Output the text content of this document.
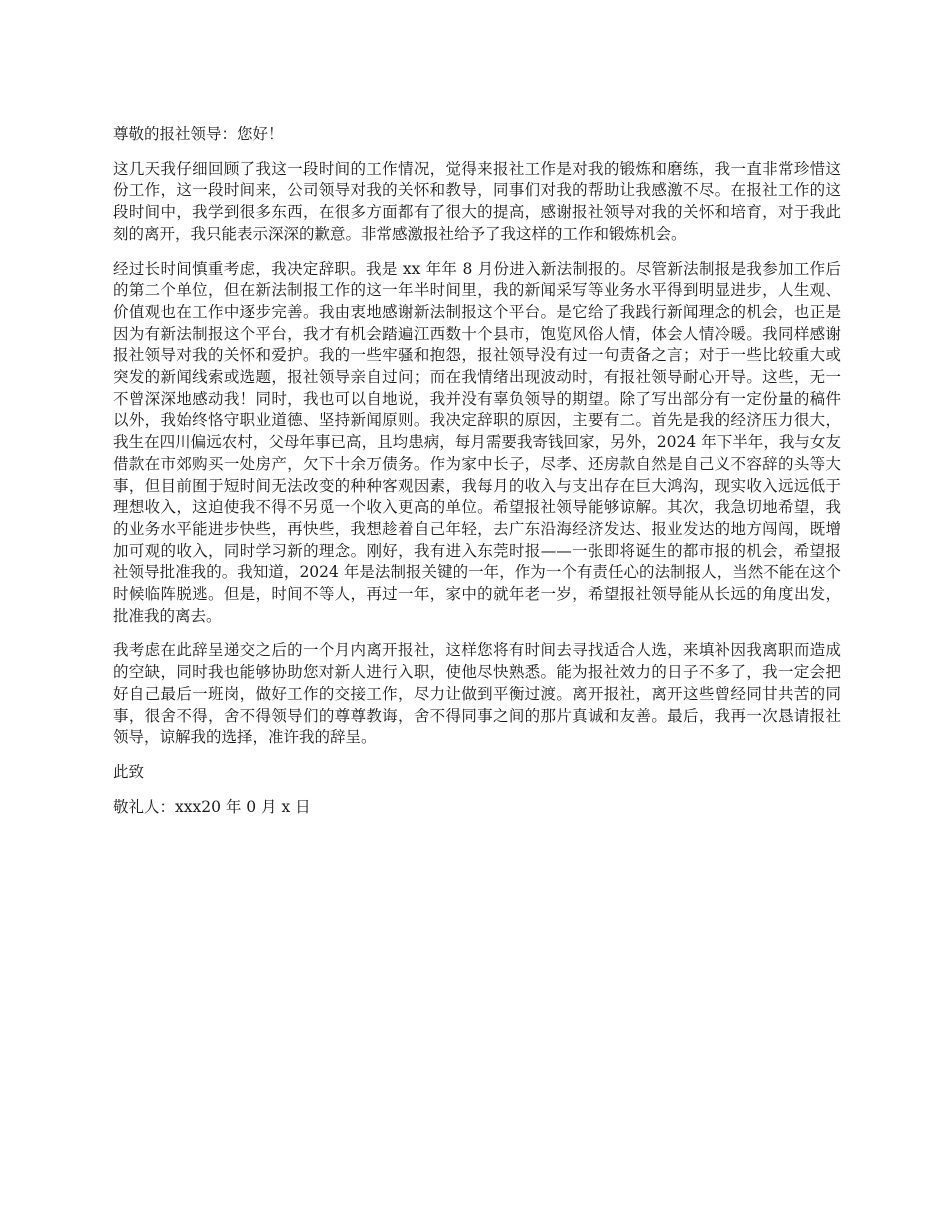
尊敬的报社领导：您好！

这几天我仔细回顾了我这一段时间的工作情况，觉得来报社工作是对我的锻炼和磨练，我一直非常珍惜这份工作，这一段时间来，公司领导对我的关怀和教导，同事们对我的帮助让我感激不尽。在报社工作的这段时间中，我学到很多东西，在很多方面都有了很大的提高，感谢报社领导对我的关怀和培育，对于我此刻的离开，我只能表示深深的歉意。非常感激报社给予了我这样的工作和锻炼机会。

经过长时间慎重考虑，我决定辞职。我是 xx 年年 8 月份进入新法制报的。尽管新法制报是我参加工作后的第二个单位，但在新法制报工作的这一年半时间里，我的新闻采写等业务水平得到明显进步，人生观、价值观也在工作中逐步完善。我由衷地感谢新法制报这个平台。是它给了我践行新闻理念的机会，也正是因为有新法制报这个平台，我才有机会踏遍江西数十个县市，饱览风俗人情，体会人情冷暖。我同样感谢报社领导对我的关怀和爱护。我的一些牢骚和抱怨，报社领导没有过一句责备之言；对于一些比较重大或突发的新闻线索或选题，报社领导亲自过问；而在我情绪出现波动时，有报社领导耐心开导。这些，无一不曾深深地感动我！同时，我也可以自地说，我并没有辜负领导的期望。除了写出部分有一定份量的稿件以外，我始终恪守职业道德、坚持新闻原则。我决定辞职的原因，主要有二。首先是我的经济压力很大，我生在四川偏远农村，父母年事已高，且均患病，每月需要我寄钱回家，另外，2024 年下半年，我与女友借款在市郊购买一处房产，欠下十余万债务。作为家中长子，尽孝、还房款自然是自己义不容辞的头等大事，但目前囿于短时间无法改变的种种客观因素，我每月的收入与支出存在巨大鸿沟，现实收入远远低于理想收入，这迫使我不得不另觅一个收入更高的单位。希望报社领导能够谅解。其次，我急切地希望，我的业务水平能进步快些，再快些，我想趁着自己年轻，去广东沿海经济发达、报业发达的地方闯闯，既增加可观的收入，同时学习新的理念。刚好，我有进入东莞时报——一张即将诞生的都市报的机会，希望报社领导批准我的。我知道，2024 年是法制报关键的一年，作为一个有责任心的法制报人，当然不能在这个时候临阵脱逃。但是，时间不等人，再过一年，家中的就年老一岁，希望报社领导能从长远的角度出发，批准我的离去。

我考虑在此辞呈递交之后的一个月内离开报社，这样您将有时间去寻找适合人选，来填补因我离职而造成的空缺，同时我也能够协助您对新人进行入职，使他尽快熟悉。能为报社效力的日子不多了，我一定会把好自己最后一班岗，做好工作的交接工作，尽力让做到平衡过渡。离开报社，离开这些曾经同甘共苦的同事，很舍不得，舍不得领导们的尊尊教诲，舍不得同事之间的那片真诚和友善。最后，我再一次恳请报社领导，谅解我的选择，准许我的辞呈。

此致

敬礼人：xxx20 年 0 月 x 日
